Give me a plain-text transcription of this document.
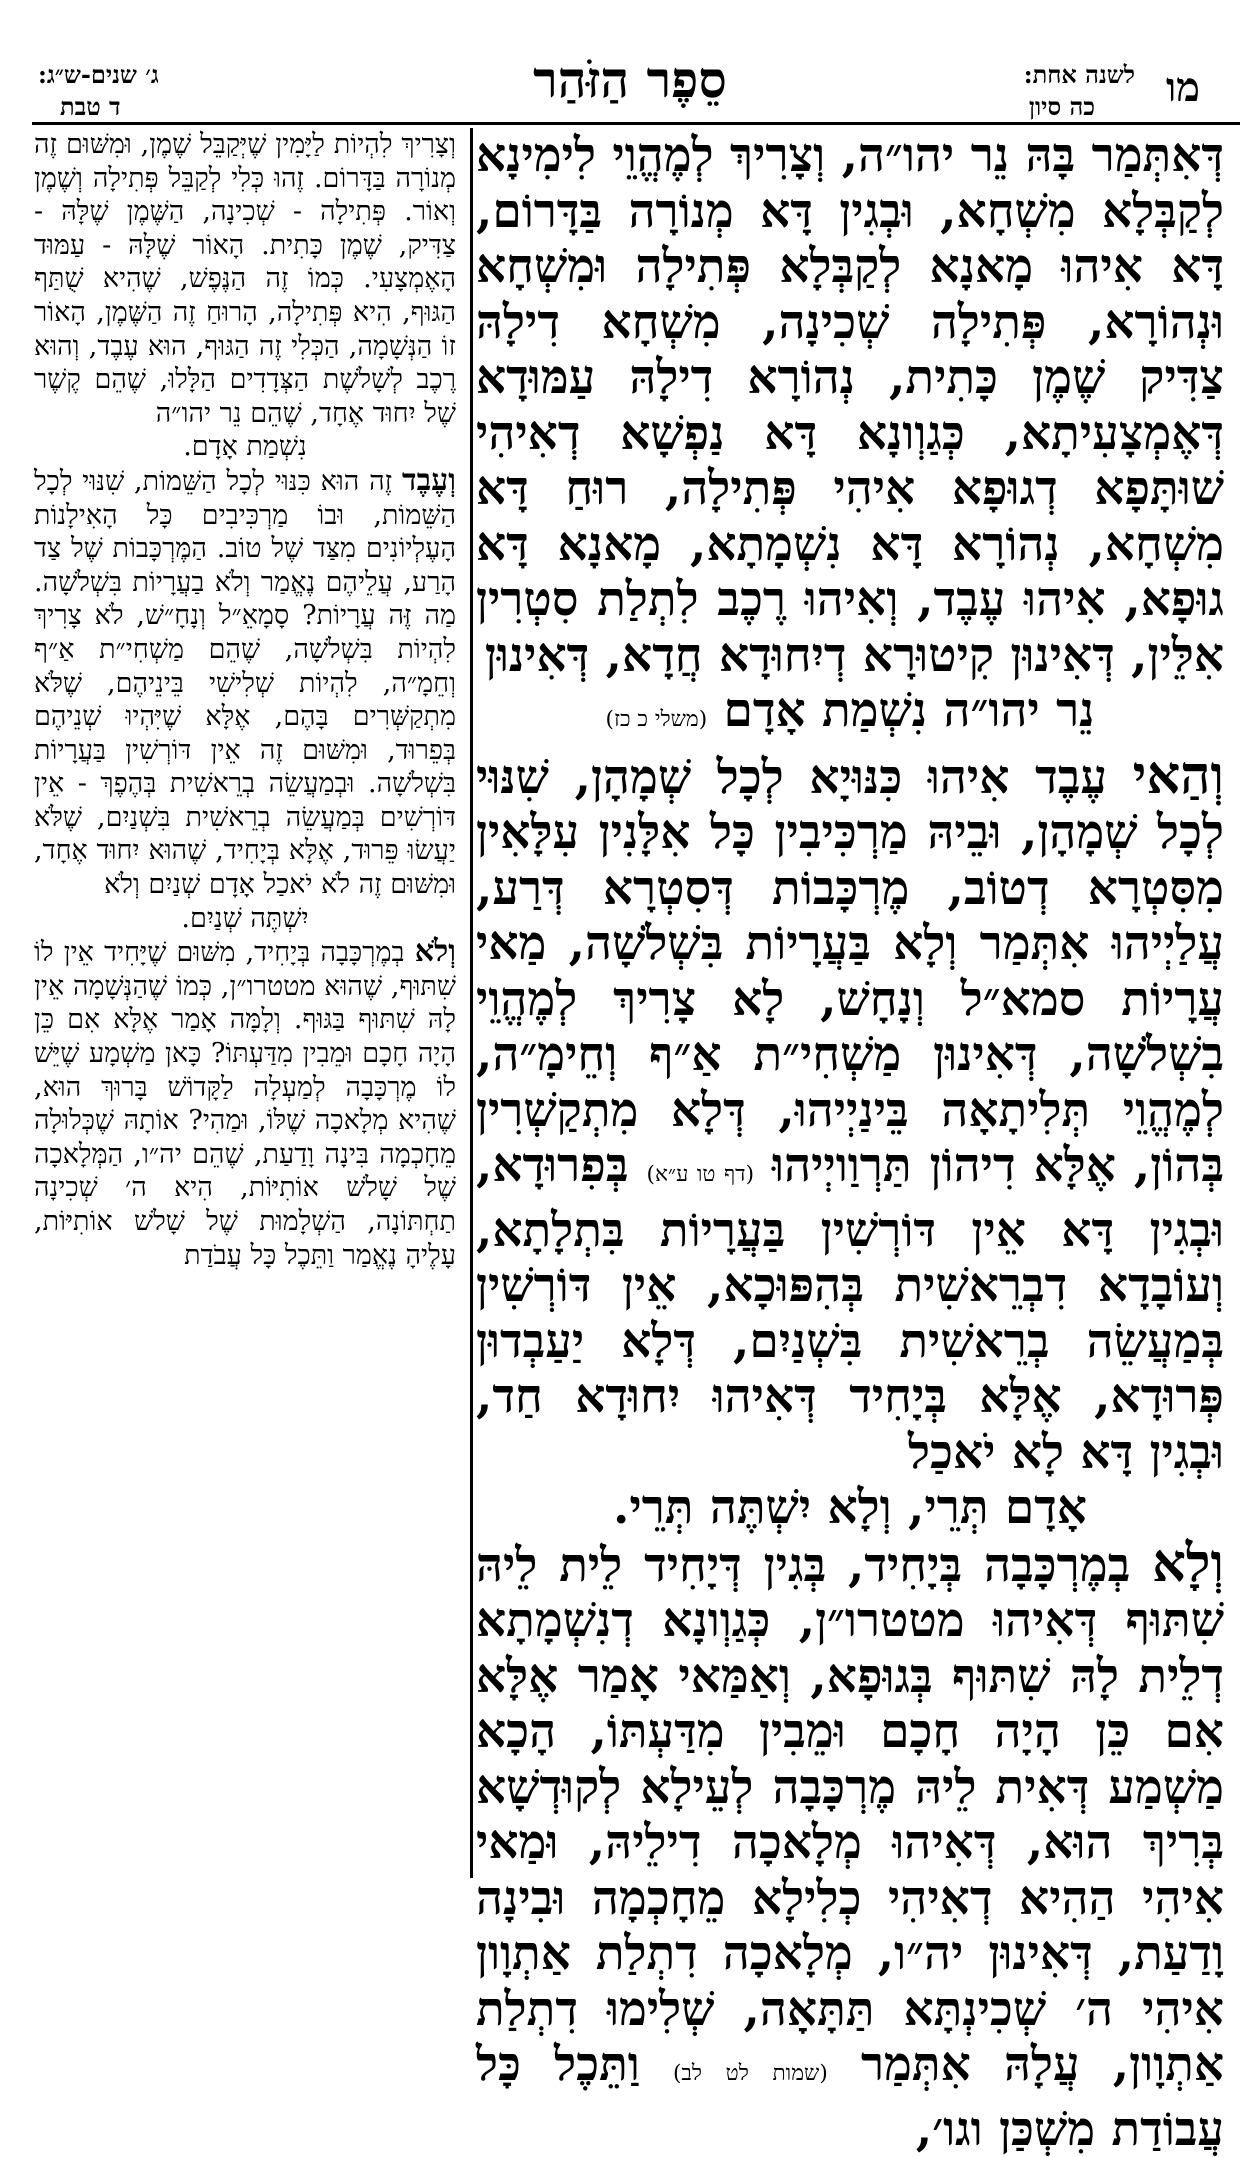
מו
לשנה אחת:
כה סיון
סֵפֶר הַזֹּהַר
ג׳ שנים-ש״ג:
ד טבת

דְּאִתְּמַר בָּהּ נֵר יהו״ה, וְצָרִיךְ לְמֶהֱוֵי לִימִינָא לְקַבְּלָא מִשְׁחָא, וּבְגִין דָּא מְנוֹרָה בַּדָּרוֹם, דָּא אִיהוּ מָאנָא לְקַבְּלָא פְּתִילָה וּמִשְׁחָא וּנְהוֹרָא, פְּתִילָה שְׁכִינָה, מִשְׁחָא דִילָהּ צַדִּיק שֶׁמֶן כָּתִית, נְהוֹרָא דִילָהּ עַמּוּדָא דְּאֶמְצָעִיתָא, כְּגַוְונָא דָּא נַפְשָׁא דְאִיהִי שׁוּתָּפָא דְגוּפָא אִיהִי פְּתִילָה, רוּחַ דָּא מִשְׁחָא, נְהוֹרָא דָּא נִשְׁמָתָא, מָאנָא דָּא גוּפָא, אִיהוּ עֶבֶד, וְאִיהוּ רֶכֶב לִתְלַת סִטְרִין אִלֵּין, דְּאִינוּן קִיטוּרָא דְיִחוּדָא חֲדָא, דְּאִינוּן
נֵר יהו״ה נִשְׁמַת אָדָם (משלי כ כז)

וְהַאי עֶבֶד אִיהוּ כִּנּוּיָא לְכָל שְׁמָהָן, שִׁנּוּי לְכָל שְׁמָהָן, וּבֵיהּ מַרְכִּיבִין כָּל אִלָּנִין עִלָּאִין מִסִּטְרָא דְטוֹב, מֶרְכָּבוֹת דְּסִטְרָא דְּרַע, עֲלַיְיהוּ אִתְּמַר וְלָא בַּעֲרָיוֹת בִּשְׁלֹשָׁה, מַאי עֲרָיוֹת סמא״ל וְנָחָשׁ, לָא צָרִיךְ לְמֶהֱוֵי בִשְׁלֹשָׁה, דְּאִינוּן מַשְׁחִי״ת אַ״ף וְחֵימָ״ה, לְמֶהֱוֵי תְּלִיתָאָה בֵּינַיְיהוּ, דְּלָא מִתְקַשְׁרִין בְּהוֹן, אֶלָּא דִיהוֹן תַּרְוַויְיהוּ (דף טו ע״א) בְּפִרוּדָא, וּבְגִין דָּא אֵין דּוֹרְשִׁין בַּעֲרָיוֹת בִּתְלָתָא, וְעוֹבָדָא דִבְרֵאשִׁית בְּהִפּוּכָא, אֵין דּוֹרְשִׁין בְּמַעֲשֵׂה בְרֵאשִׁית בִּשְׁנַיִם, דְּלָא יַעַבְדוּן פְּרוּדָא, אֶלָּא בְּיָחִיד דְּאִיהוּ יִחוּדָא חַד, וּבְגִין דָּא לָא יֹאכַל
אָדָם תְּרֵי, וְלָא יִשְׁתֶּה תְּרֵי.

וְלָא בְמֶרְכָּבָה בְּיָחִיד, בְּגִין דְּיָחִיד לֵית לֵיהּ שִׁתּוּף דְּאִיהוּ מטטרו״ן, כְּגַוְונָא דְנִשְׁמָתָא דְלֵית לָהּ שִׁתּוּף בְּגוּפָא, וְאַמַּאי אָמַר אֶלָּא אִם כֵּן הָיָה חָכָם וּמֵבִין מִדַּעְתּוֹ, הָכָא מַשְׁמַע דְּאִית לֵיהּ מֶרְכָּבָה לְעֵילָא לְקוּדְשָׁא בְּרִיךְ הוּא, דְּאִיהוּ מְלָאכָה דִילֵיהּ, וּמַאי אִיהִי הַהִיא דְאִיהִי כְלִילָא מֵחָכְמָה וּבִינָה וָדַעַת, דְּאִינוּן יה״ו, מְלָאכָה דִתְלַת אַתְוָון אִיהִי ה׳ שְׁכִינְתָּא תַּתָּאָה, שְׁלִימוּ דִתְלַת אַתְוָון, עֲלָהּ אִתְּמַר (שמות לט לב) וַתֵּכֶל כָּל עֲבוֹדַת מִשְׁכַּן וגו׳,

וְצָרִיךְ לִהְיוֹת לַיָּמִין שֶׁיְּקַבֵּל שֶׁמֶן, וּמִשּׁוּם זֶה מְנוֹרָה בַּדָּרוֹם. זֶהוּ כְּלִי לְקַבֵּל פְּתִילָה וְשֶׁמֶן וְאוֹר. פְּתִילָה - שְׁכִינָה, הַשֶּׁמֶן שֶׁלָּהּ - צַדִּיק, שֶׁמֶן כָּתִית. הָאוֹר שֶׁלָּהּ - עַמּוּד הָאֶמְצָעִי. כְּמוֹ זֶה הַנֶּפֶשׁ, שֶׁהִיא שֻׁתַּף הַגּוּף, הִיא פְּתִילָה, הָרוּחַ זֶה הַשֶּׁמֶן, הָאוֹר זוֹ הַנְּשָׁמָה, הַכְּלִי זֶה הַגּוּף, הוּא עֶבֶד, וְהוּא רֶכֶב לְשָׁלֹשֶׁת הַצְּדָדִים הַלָּלוּ, שֶׁהֵם קֶשֶׁר שֶׁל יִחוּד אֶחָד, שֶׁהֵם נֵר יהו״ה
נִשְׁמַת אָדָם.

וְעֶבֶד זֶה הוּא כִּנּוּי לְכָל הַשֵּׁמוֹת, שִׁנּוּי לְכָל הַשֵּׁמוֹת, וּבוֹ מַרְכִּיבִים כָּל הָאִילָנוֹת הָעֶלְיוֹנִים מִצַּד שֶׁל טוֹב. הַמֶּרְכָּבוֹת שֶׁל צַד הָרַע, עֲלֵיהֶם נֶאֱמַר וְלֹא בַעֲרָיוֹת בִּשְׁלֹשָׁה. מַה זֶּה עֲרָיוֹת? סָמָאֵ״ל וְנָחָ״שׁ, לֹא צָרִיךְ לִהְיוֹת בִּשְׁלֹשָׁה, שֶׁהֵם מַשְׁחִי״ת אַ״ף וְחֵמָ״ה, לִהְיוֹת שְׁלִישִׁי בֵּינֵיהֶם, שֶׁלֹּא מִתְקַשְּׁרִים בָּהֶם, אֶלָּא שֶׁיִּהְיוּ שְׁנֵיהֶם בְּפֵרוּד, וּמִשּׁוּם זֶה אֵין דּוֹרְשִׁין בַּעֲרָיוֹת בִּשְׁלֹשָׁה. וּבְמַעֲשֵׂה בְרֵאשִׁית בְּהֶפֶךְ - אֵין דּוֹרְשִׁים בְּמַעֲשֵׂה בְרֵאשִׁית בִּשְׁנַיִם, שֶׁלֹּא יַעֲשׂוּ פֵּרוּד, אֶלָּא בְּיָחִיד, שֶׁהוּא יִחוּד אֶחָד, וּמִשּׁוּם זֶה לֹא יֹאכַל אָדָם שְׁנַיִם וְלֹא
יִשְׁתֶּה שְׁנַיִם.

וְלֹא בְמֶרְכָּבָה בְּיָחִיד, מִשּׁוּם שֶׁיָּחִיד אֵין לוֹ שִׁתּוּף, שֶׁהוּא מטטרו״ן, כְּמוֹ שֶׁהַנְּשָׁמָה אֵין לָהּ שִׁתּוּף בַּגּוּף. וְלָמָּה אָמַר אֶלָּא אִם כֵּן הָיָה חָכָם וּמֵבִין מִדַּעְתּוֹ? כָּאן מַשְׁמָע שֶׁיֵּשׁ לוֹ מֶרְכָּבָה לְמַעְלָה לַקָּדוֹשׁ בָּרוּךְ הוּא, שֶׁהִיא מְלָאכָה שֶׁלּוֹ, וּמַהִי? אוֹתָהּ שֶׁכְּלוּלָה מֵחָכְמָה בִּינָה וָדַעַת, שֶׁהֵם יה״ו, הַמְּלָאכָה שֶׁל שָׁלֹשׁ אוֹתִיּוֹת, הִיא ה׳ שְׁכִינָה תַחְתּוֹנָה, הַשְׁלָמוּת שֶׁל שָׁלֹשׁ אוֹתִיּוֹת, עָלֶיהָ נֶאֱמַר וַתֵּכֶל כָּל עֲבֹדַת
